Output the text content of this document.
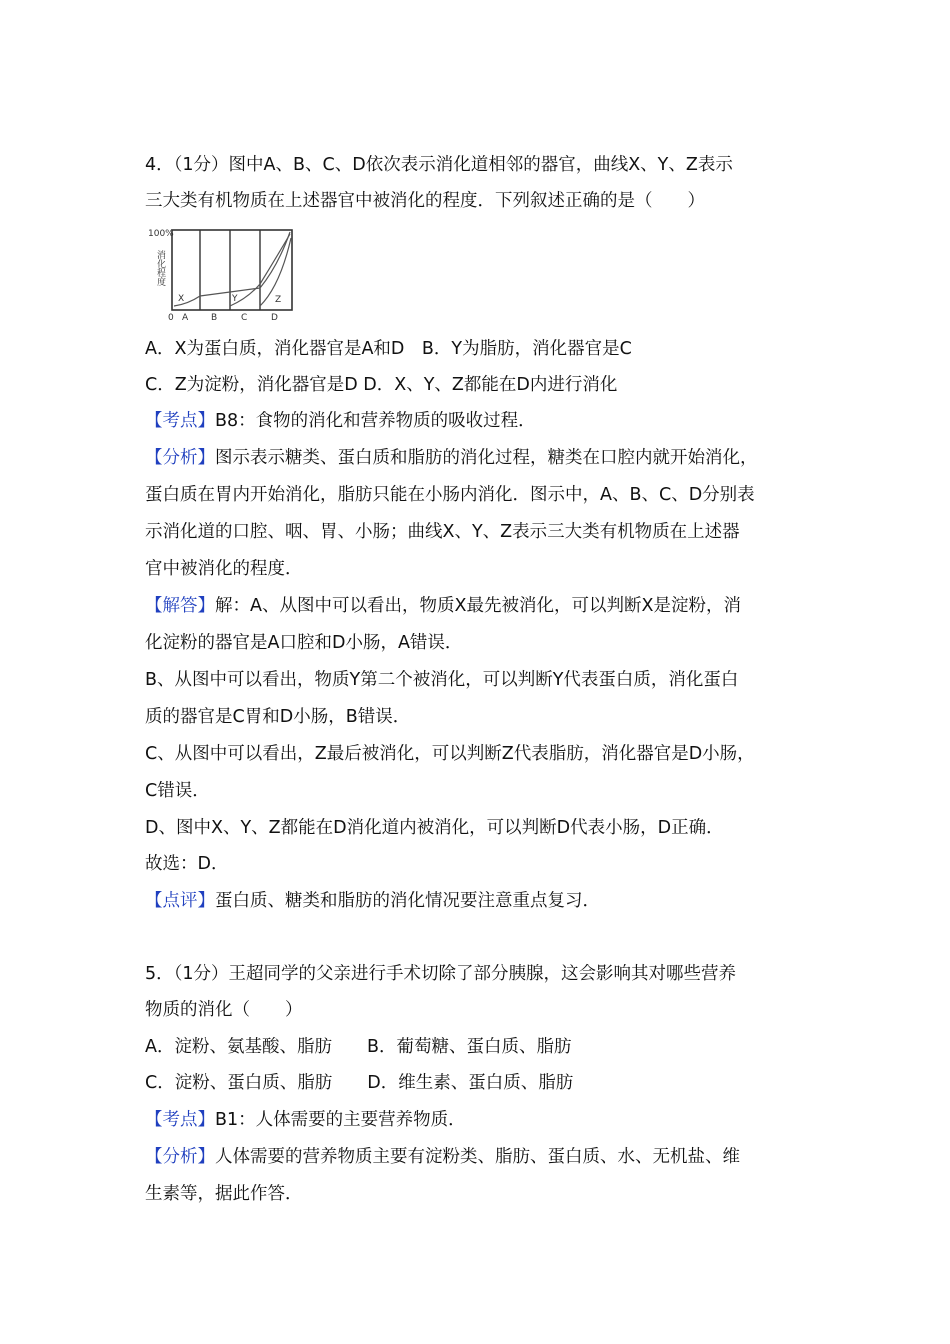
4．（1分）图中A、B、C、D依次表示消化道相邻的器官，曲线X、Y、Z表示
三大类有机物质在上述器官中被消化的程度．下列叙述正确的是（　　）
100%
消化程度
0 A	B	C	D
X	Y	Z
A．X为蛋白质，消化器官是A和D　B．Y为脂肪，消化器官是C
C．Z为淀粉，消化器官是D D．X、Y、Z都能在D内进行消化
【考点】B8：食物的消化和营养物质的吸收过程．
【分析】图示表示糖类、蛋白质和脂肪的消化过程，糖类在口腔内就开始消化，
蛋白质在胃内开始消化，脂肪只能在小肠内消化．图示中，A、B、C、D分别表
示消化道的口腔、咽、胃、小肠；曲线X、Y、Z表示三大类有机物质在上述器
官中被消化的程度．
【解答】解：A、从图中可以看出，物质X最先被消化，可以判断X是淀粉，消
化淀粉的器官是A口腔和D小肠，A错误．
B、从图中可以看出，物质Y第二个被消化，可以判断Y代表蛋白质，消化蛋白
质的器官是C胃和D小肠，B错误．
C、从图中可以看出，Z最后被消化，可以判断Z代表脂肪，消化器官是D小肠，
C错误．
D、图中X、Y、Z都能在D消化道内被消化，可以判断D代表小肠，D正确．
故选：D．
【点评】蛋白质、糖类和脂肪的消化情况要注意重点复习．
5．（1分）王超同学的父亲进行手术切除了部分胰腺，这会影响其对哪些营养
物质的消化（　　）
A．淀粉、氨基酸、脂肪　　B．葡萄糖、蛋白质、脂肪
C．淀粉、蛋白质、脂肪　　D．维生素、蛋白质、脂肪
【考点】B1：人体需要的主要营养物质．
【分析】人体需要的营养物质主要有淀粉类、脂肪、蛋白质、水、无机盐、维
生素等，据此作答．
